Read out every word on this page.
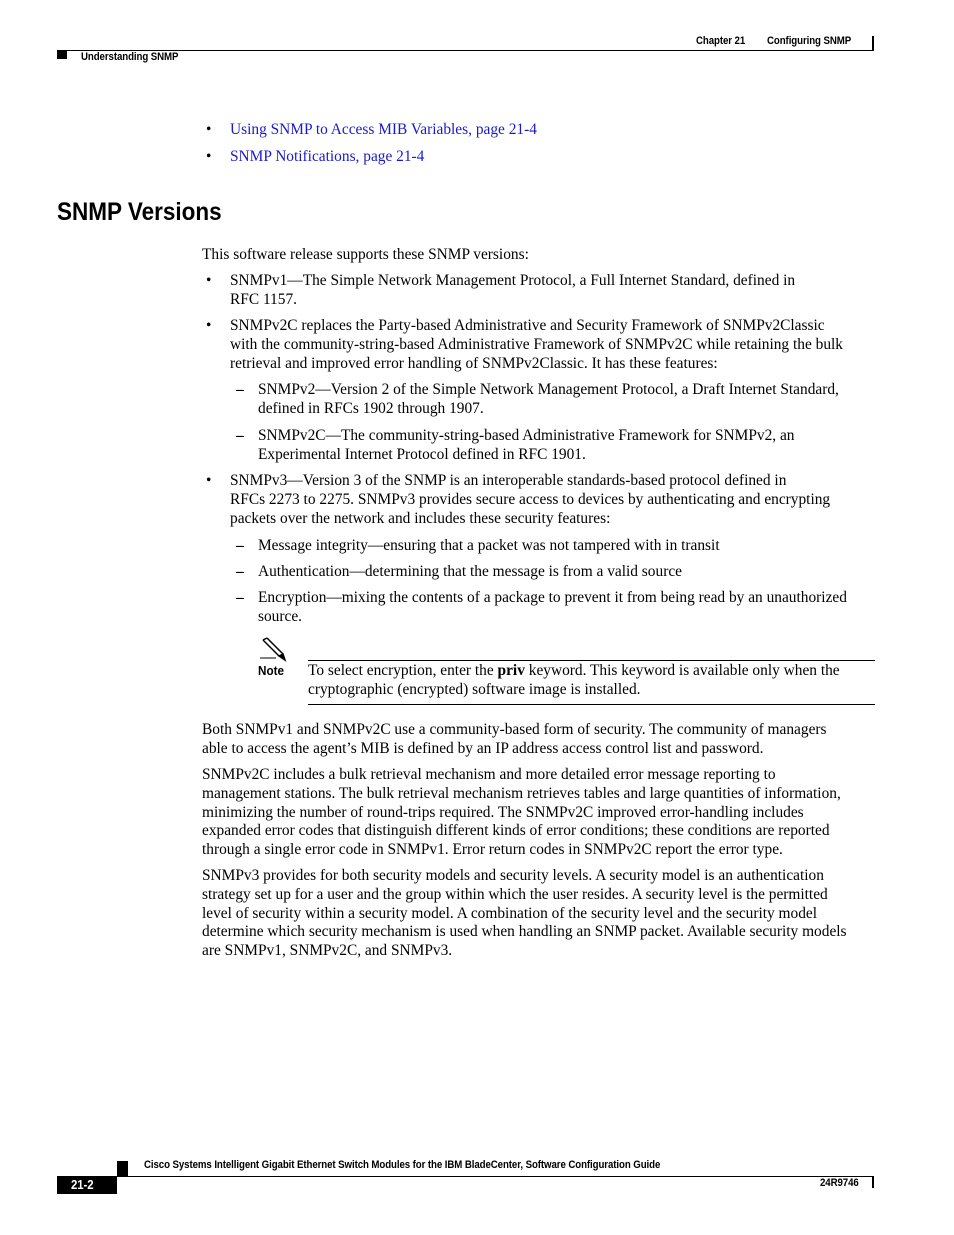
Chapter 21 Configuring SNMP
Understanding SNMP
• Using SNMP to Access MIB Variables, page 21-4
• SNMP Notifications, page 21-4
SNMP Versions
This software release supports these SNMP versions:
• SNMPv1—The Simple Network Management Protocol, a Full Internet Standard, defined in
RFC 1157.
• SNMPv2C replaces the Party-based Administrative and Security Framework of SNMPv2Classic
with the community-string-based Administrative Framework of SNMPv2C while retaining the bulk
retrieval and improved error handling of SNMPv2Classic. It has these features:
– SNMPv2—Version 2 of the Simple Network Management Protocol, a Draft Internet Standard,
defined in RFCs 1902 through 1907.
– SNMPv2C—The community-string-based Administrative Framework for SNMPv2, an
Experimental Internet Protocol defined in RFC 1901.
• SNMPv3—Version 3 of the SNMP is an interoperable standards-based protocol defined in
RFCs 2273 to 2275. SNMPv3 provides secure access to devices by authenticating and encrypting
packets over the network and includes these security features:
– Message integrity—ensuring that a packet was not tampered with in transit
– Authentication—determining that the message is from a valid source
– Encryption—mixing the contents of a package to prevent it from being read by an unauthorized
source.
Note To select encryption, enter the priv keyword. This keyword is available only when the
cryptographic (encrypted) software image is installed.
Both SNMPv1 and SNMPv2C use a community-based form of security. The community of managers
able to access the agent’s MIB is defined by an IP address access control list and password.
SNMPv2C includes a bulk retrieval mechanism and more detailed error message reporting to
management stations. The bulk retrieval mechanism retrieves tables and large quantities of information,
minimizing the number of round-trips required. The SNMPv2C improved error-handling includes
expanded error codes that distinguish different kinds of error conditions; these conditions are reported
through a single error code in SNMPv1. Error return codes in SNMPv2C report the error type.
SNMPv3 provides for both security models and security levels. A security model is an authentication
strategy set up for a user and the group within which the user resides. A security level is the permitted
level of security within a security model. A combination of the security level and the security model
determine which security mechanism is used when handling an SNMP packet. Available security models
are SNMPv1, SNMPv2C, and SNMPv3.
Cisco Systems Intelligent Gigabit Ethernet Switch Modules for the IBM BladeCenter, Software Configuration Guide
21-2	24R9746
